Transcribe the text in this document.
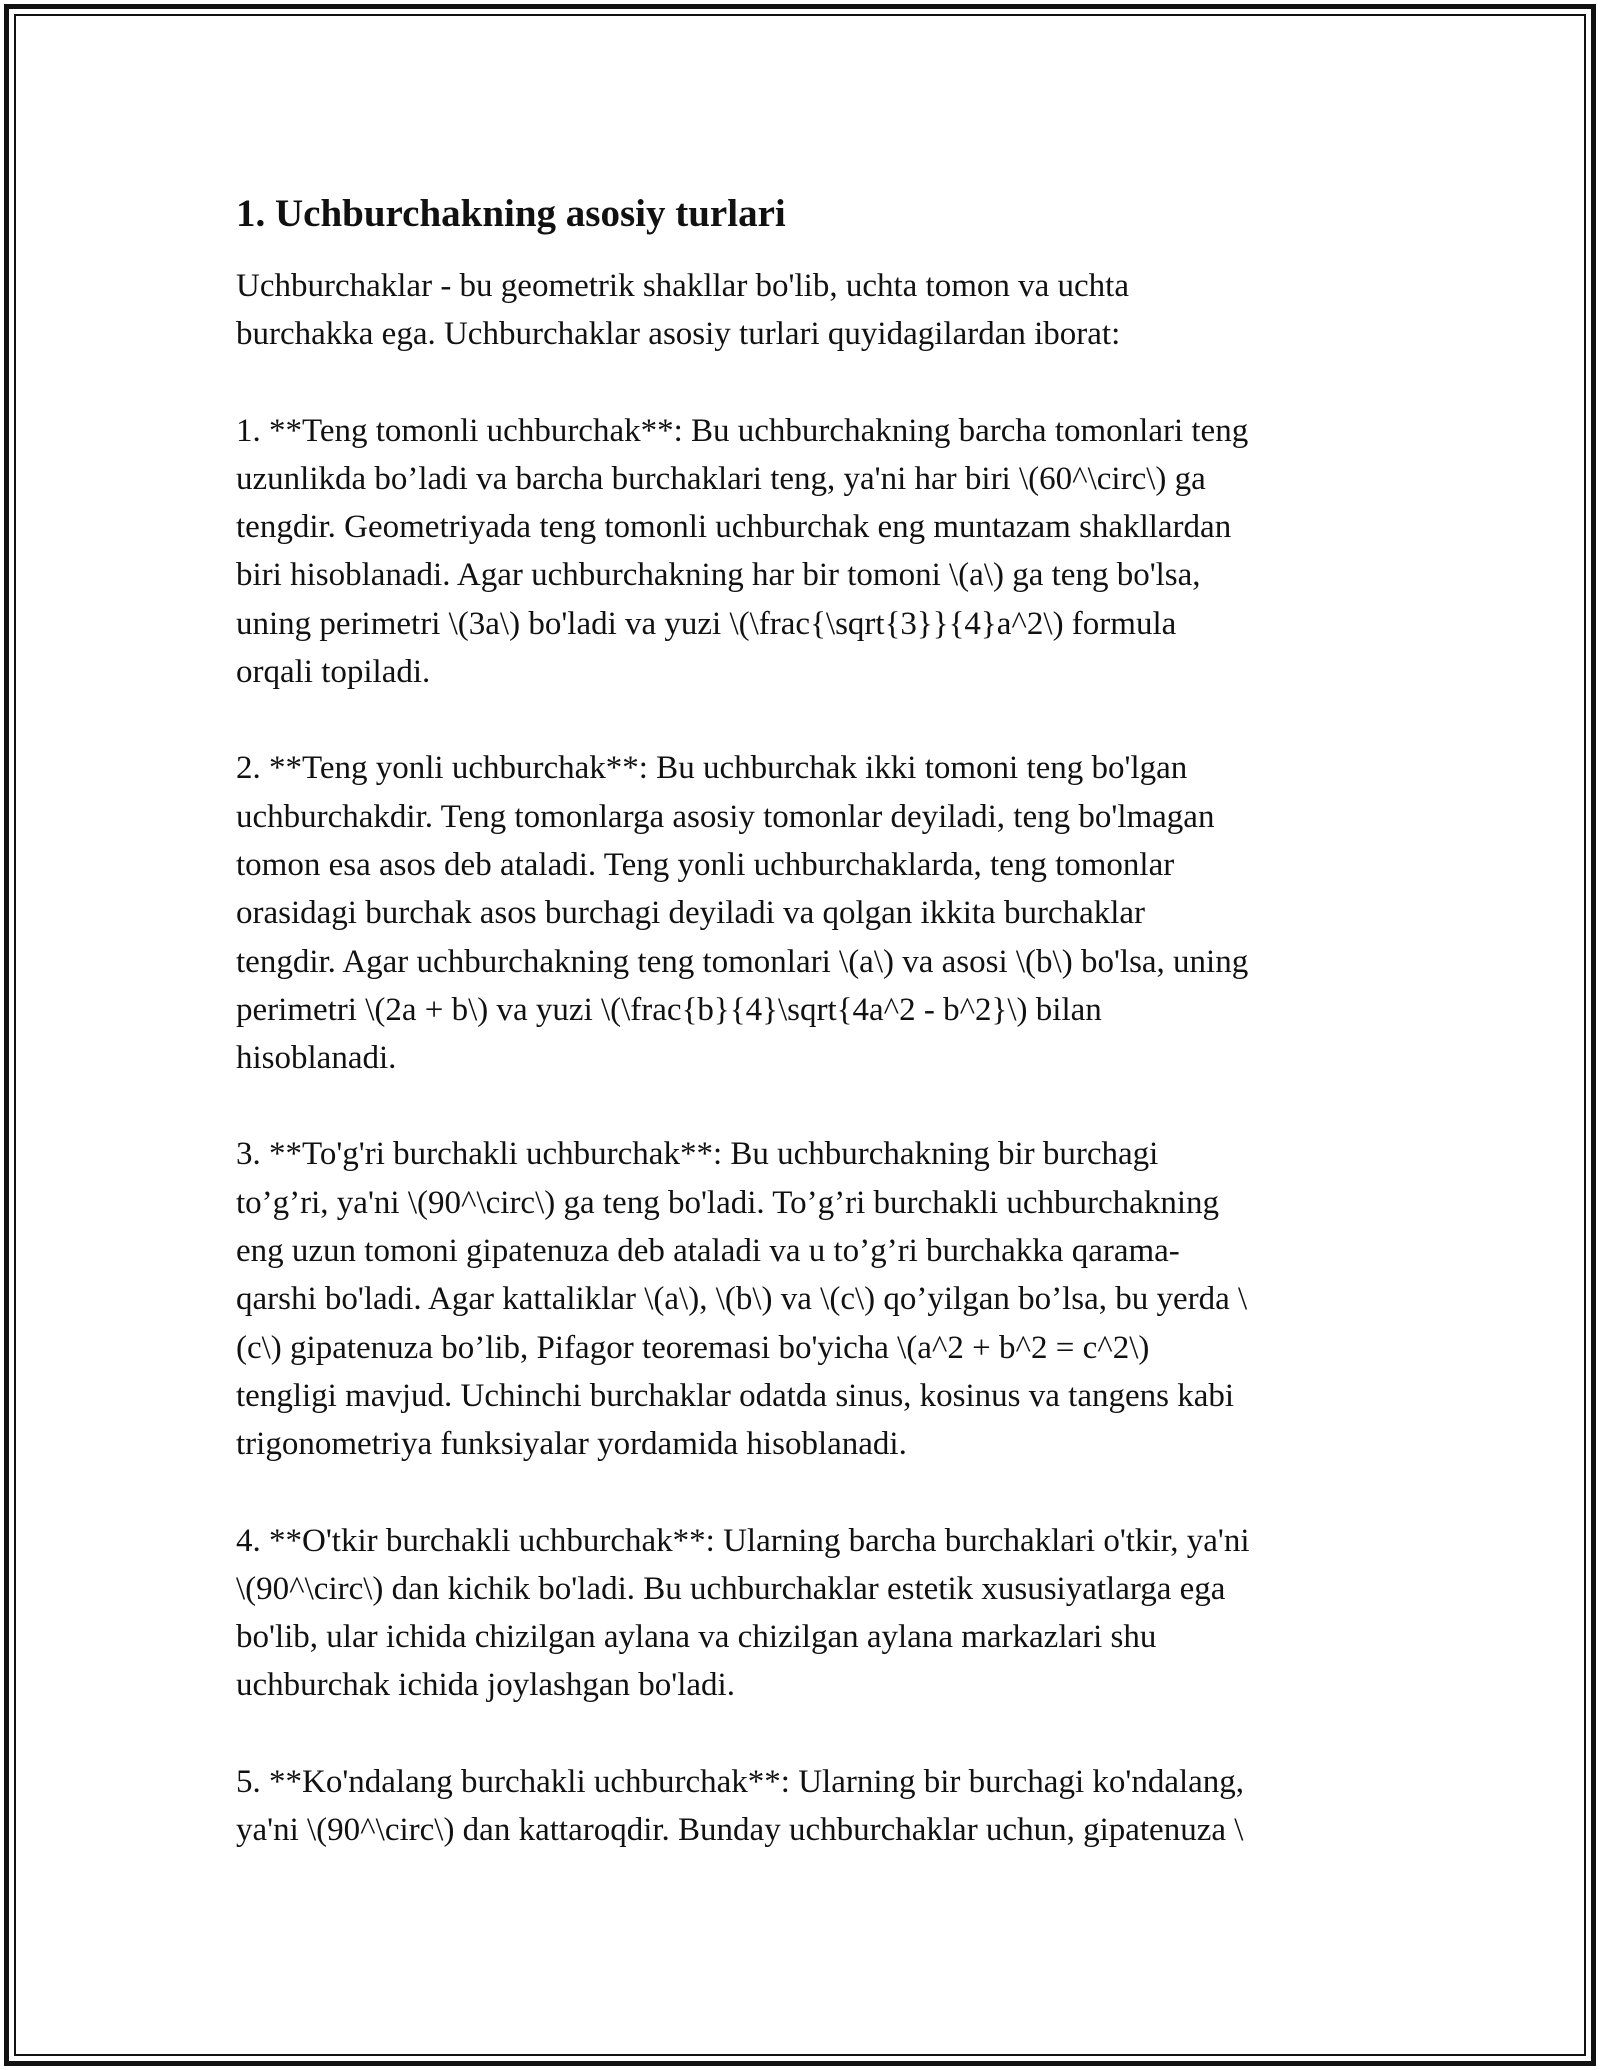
1. Uchburchakning asosiy turlari

Uchburchaklar - bu geometrik shakllar bo'lib, uchta tomon va uchta
burchakka ega. Uchburchaklar asosiy turlari quyidagilardan iborat:

1. **Teng tomonli uchburchak**: Bu uchburchakning barcha tomonlari teng
uzunlikda bo’ladi va barcha burchaklari teng, ya'ni har biri \(60^\circ\) ga
tengdir. Geometriyada teng tomonli uchburchak eng muntazam shakllardan
biri hisoblanadi. Agar uchburchakning har bir tomoni \(a\) ga teng bo'lsa,
uning perimetri \(3a\) bo'ladi va yuzi \(\frac{\sqrt{3}}{4}a^2\) formula
orqali topiladi.

2. **Teng yonli uchburchak**: Bu uchburchak ikki tomoni teng bo'lgan
uchburchakdir. Teng tomonlarga asosiy tomonlar deyiladi, teng bo'lmagan
tomon esa asos deb ataladi. Teng yonli uchburchaklarda, teng tomonlar
orasidagi burchak asos burchagi deyiladi va qolgan ikkita burchaklar
tengdir. Agar uchburchakning teng tomonlari \(a\) va asosi \(b\) bo'lsa, uning
perimetri \(2a + b\) va yuzi \(\frac{b}{4}\sqrt{4a^2 - b^2}\) bilan
hisoblanadi.

3. **To'g'ri burchakli uchburchak**: Bu uchburchakning bir burchagi
to’g’ri, ya'ni \(90^\circ\) ga teng bo'ladi. To’g’ri burchakli uchburchakning
eng uzun tomoni gipatenuza deb ataladi va u to’g’ri burchakka qarama-
qarshi bo'ladi. Agar kattaliklar \(a\), \(b\) va \(c\) qo’yilgan bo’lsa, bu yerda \
(c\) gipatenuza bo’lib, Pifagor teoremasi bo'yicha \(a^2 + b^2 = c^2\)
tengligi mavjud. Uchinchi burchaklar odatda sinus, kosinus va tangens kabi
trigonometriya funksiyalar yordamida hisoblanadi.

4. **O'tkir burchakli uchburchak**: Ularning barcha burchaklari o'tkir, ya'ni
\(90^\circ\) dan kichik bo'ladi. Bu uchburchaklar estetik xususiyatlarga ega
bo'lib, ular ichida chizilgan aylana va chizilgan aylana markazlari shu
uchburchak ichida joylashgan bo'ladi.

5. **Ko'ndalang burchakli uchburchak**: Ularning bir burchagi ko'ndalang,
ya'ni \(90^\circ\) dan kattaroqdir. Bunday uchburchaklar uchun, gipatenuza \
